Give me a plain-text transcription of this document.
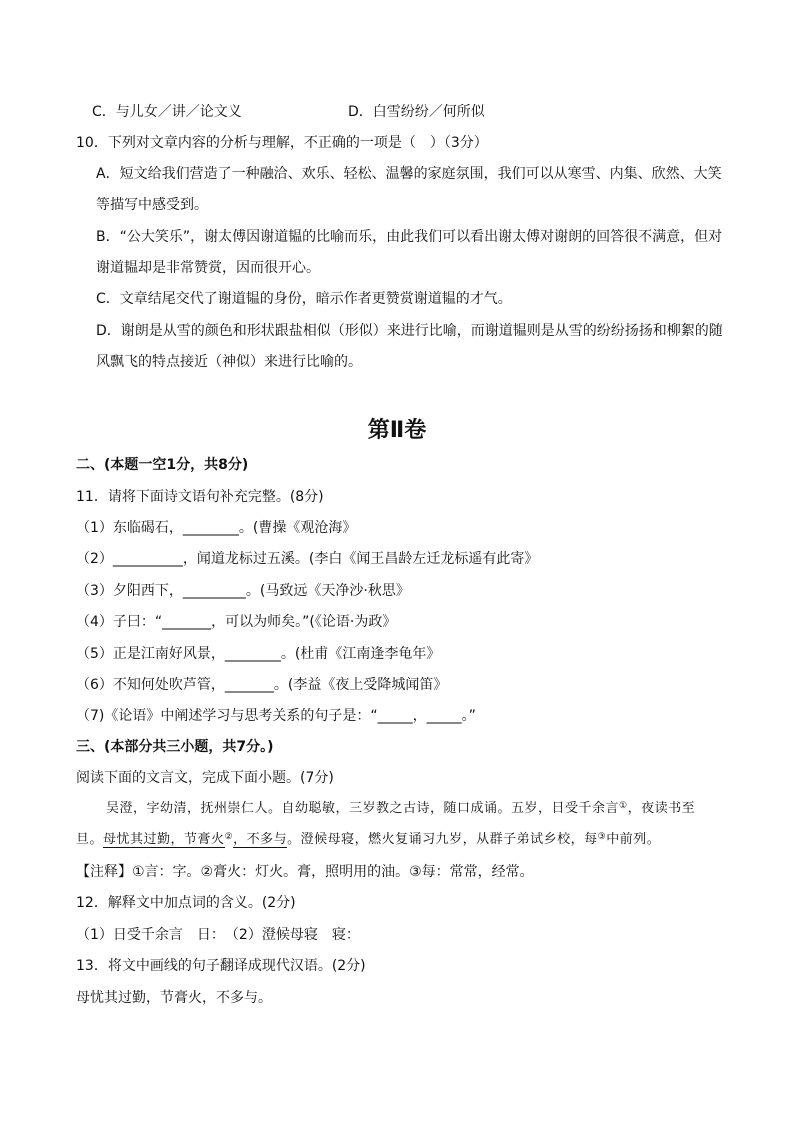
C．与儿女／讲／论文义	D．白雪纷纷／何所似
10．下列对文章内容的分析与理解，不正确的一项是（　）（3分）
A．短文给我们营造了一种融洽、欢乐、轻松、温馨的家庭氛围，我们可以从寒雪、内集、欣然、大笑
等描写中感受到。
B．“公大笑乐”，谢太傅因谢道韫的比喻而乐，由此我们可以看出谢太傅对谢朗的回答很不满意，但对
谢道韫却是非常赞赏，因而很开心。
C．文章结尾交代了谢道韫的身份，暗示作者更赞赏谢道韫的才气。
D．谢朗是从雪的颜色和形状跟盐相似（形似）来进行比喻，而谢道韫则是从雪的纷纷扬扬和柳絮的随
风飘飞的特点接近（神似）来进行比喻的。
第Ⅱ卷
二、(本题一空1分，共8分)
11．请将下面诗文语句补充完整。(8分)
（1）东临碣石，________。(曹操《观沧海》
（2）__________，闻道龙标过五溪。(李白《闻王昌龄左迁龙标遥有此寄》
（3）夕阳西下，_________。(马致远《天净沙·秋思》
（4）子曰：“_______，可以为师矣。”(《论语·为政》
（5）正是江南好风景，________。(杜甫《江南逢李龟年》
（6）不知何处吹芦管，_______。(李益《夜上受降城闻笛》
（7)《论语》中阐述学习与思考关系的句子是：“_____，_____。”
三、(本部分共三小题，共7分。)
阅读下面的文言文，完成下面小题。(7分)
吴澄，字幼清，抚州崇仁人。自幼聪敏，三岁教之古诗，随口成诵。五岁，日受千余言①，夜读书至
旦。母忧其过勤，节膏火②，不多与。澄候母寝，燃火复诵习九岁，从群子弟试乡校，每③中前列。
【注释】①言：字。②膏火：灯火。膏，照明用的油。③每：常常，经常。
12．解释文中加点词的含义。(2分)
（1）日受千余言　日：　（2）澄候母寝　寝：
13．将文中画线的句子翻译成现代汉语。(2分)
母忧其过勤，节膏火，不多与。
